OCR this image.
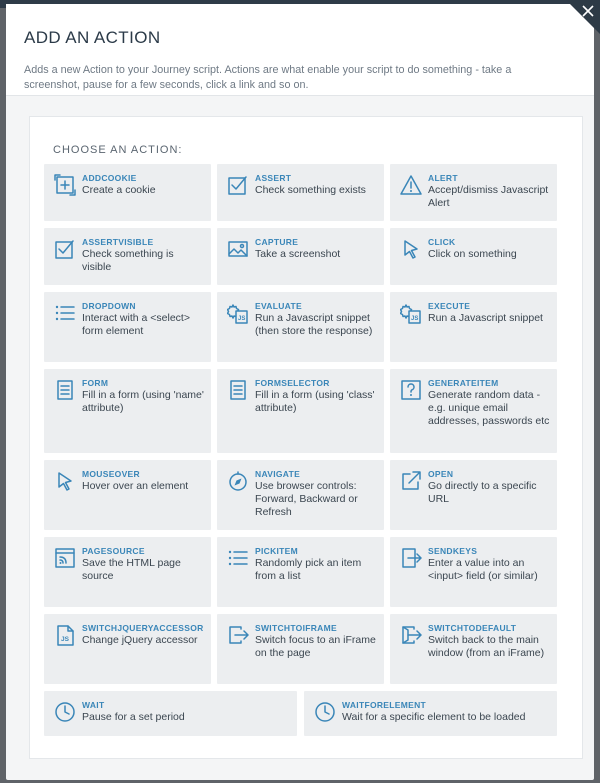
ADD AN ACTION
Adds a new Action to your Journey script. Actions are what enable your script to do something - take a screenshot, pause for a few seconds, click a link and so on.
CHOOSE AN ACTION:
ADDCOOKIE
Create a cookie
ASSERT
Check something exists
ALERT
Accept/dismiss Javascript Alert
ASSERTVISIBLE
Check something is visible
CAPTURE
Take a screenshot
CLICK
Click on something
DROPDOWN
Interact with a <select> form element
JS
EVALUATE
Run a Javascript snippet (then store the response)
JS
EXECUTE
Run a Javascript snippet
FORM
Fill in a form (using 'name' attribute)
FORMSELECTOR
Fill in a form (using 'class' attribute)
GENERATEITEM
Generate random data - e.g. unique email addresses, passwords etc
MOUSEOVER
Hover over an element
NAVIGATE
Use browser controls: Forward, Backward or Refresh
OPEN
Go directly to a specific URL
PAGESOURCE
Save the HTML page source
PICKITEM
Randomly pick an item from a list
SENDKEYS
Enter a value into an <input> field (or similar)
JS
SWITCHJQUERYACCESSOR
Change jQuery accessor
SWITCHTOIFRAME
Switch focus to an iFrame on the page
SWITCHTODEFAULT
Switch back to the main window (from an iFrame)
WAIT
Pause for a set period
WAITFORELEMENT
Wait for a specific element to be loaded
